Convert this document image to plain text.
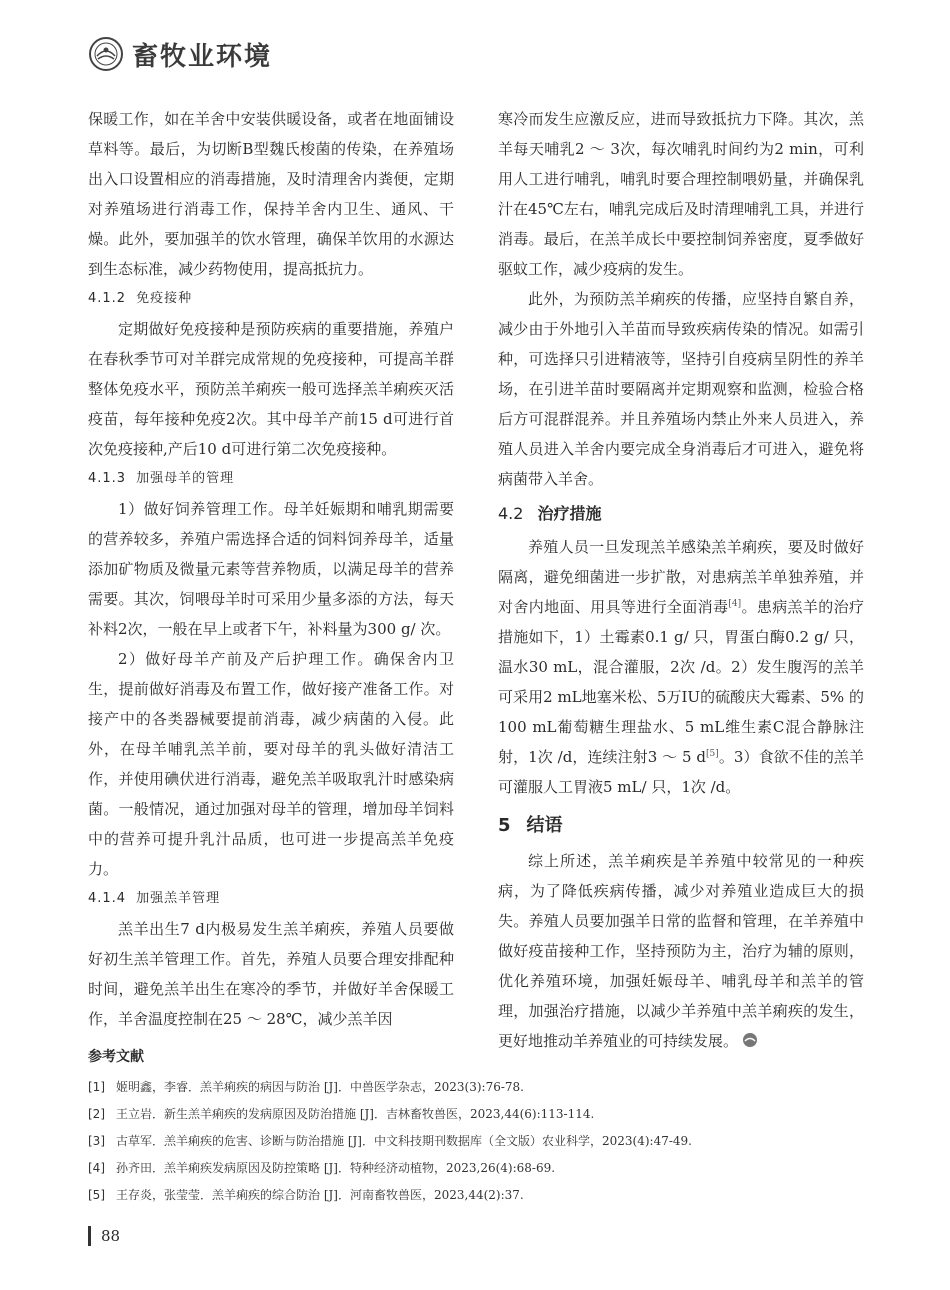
畜牧业环境

保暖工作，如在羊舍中安装供暖设备，或者在地面铺设草料等。最后，为切断B型魏氏梭菌的传染，在养殖场出入口设置相应的消毒措施，及时清理舍内粪便，定期对养殖场进行消毒工作，保持羊舍内卫生、通风、干燥。此外，要加强羊的饮水管理，确保羊饮用的水源达到生态标准，减少药物使用，提高抵抗力。

4.1.2 免疫接种

定期做好免疫接种是预防疾病的重要措施，养殖户在春秋季节可对羊群完成常规的免疫接种，可提高羊群整体免疫水平，预防羔羊痢疾一般可选择羔羊痢疾灭活疫苗，每年接种免疫2次。其中母羊产前15 d可进行首次免疫接种,产后10 d可进行第二次免疫接种。

4.1.3 加强母羊的管理

1）做好饲养管理工作。母羊妊娠期和哺乳期需要的营养较多，养殖户需选择合适的饲料饲养母羊，适量添加矿物质及微量元素等营养物质，以满足母羊的营养需要。其次，饲喂母羊时可采用少量多添的方法，每天补料2次，一般在早上或者下午，补料量为300 g/ 次。

2）做好母羊产前及产后护理工作。确保舍内卫生，提前做好消毒及布置工作，做好接产准备工作。对接产中的各类器械要提前消毒，减少病菌的入侵。此外，在母羊哺乳羔羊前，要对母羊的乳头做好清洁工作，并使用碘伏进行消毒，避免羔羊吸取乳汁时感染病菌。一般情况，通过加强对母羊的管理，增加母羊饲料中的营养可提升乳汁品质，也可进一步提高羔羊免疫力。

4.1.4 加强羔羊管理

羔羊出生7 d内极易发生羔羊痢疾，养殖人员要做好初生羔羊管理工作。首先，养殖人员要合理安排配种时间，避免羔羊出生在寒冷的季节，并做好羊舍保暖工作，羊舍温度控制在25 ～ 28℃，减少羔羊因

寒冷而发生应激反应，进而导致抵抗力下降。其次，羔羊每天哺乳2 ～ 3次，每次哺乳时间约为2 min，可利用人工进行哺乳，哺乳时要合理控制喂奶量，并确保乳汁在45℃左右，哺乳完成后及时清理哺乳工具，并进行消毒。最后，在羔羊成长中要控制饲养密度，夏季做好驱蚊工作，减少疫病的发生。

此外，为预防羔羊痢疾的传播，应坚持自繁自养，减少由于外地引入羊苗而导致疾病传染的情况。如需引种，可选择只引进精液等，坚持引自疫病呈阴性的养羊场，在引进羊苗时要隔离并定期观察和监测，检验合格后方可混群混养。并且养殖场内禁止外来人员进入，养殖人员进入羊舍内要完成全身消毒后才可进入，避免将病菌带入羊舍。

4.2 治疗措施

养殖人员一旦发现羔羊感染羔羊痢疾，要及时做好隔离，避免细菌进一步扩散，对患病羔羊单独养殖，并对舍内地面、用具等进行全面消毒[4]。患病羔羊的治疗措施如下，1）土霉素0.1 g/ 只，胃蛋白酶0.2 g/ 只，温水30 mL，混合灌服，2次 /d。2）发生腹泻的羔羊可采用2 mL地塞米松、5万IU的硫酸庆大霉素、5% 的100 mL葡萄糖生理盐水、5 mL维生素C混合静脉注射，1次 /d，连续注射3 ～ 5 d[5]。3）食欲不佳的羔羊可灌服人工胃液5 mL/ 只，1次 /d。

5 结语

综上所述，羔羊痢疾是羊养殖中较常见的一种疾病，为了降低疾病传播，减少对养殖业造成巨大的损失。养殖人员要加强羊日常的监督和管理，在羊养殖中做好疫苗接种工作，坚持预防为主，治疗为辅的原则，优化养殖环境，加强妊娠母羊、哺乳母羊和羔羊的管理，加强治疗措施，以减少羊养殖中羔羊痢疾的发生，更好地推动羊养殖业的可持续发展。

参考文献
[1] 姬明鑫，李睿．羔羊痢疾的病因与防治 [J]．中兽医学杂志，2023(3):76-78.
[2] 王立岩．新生羔羊痢疾的发病原因及防治措施 [J]．吉林畜牧兽医，2023,44(6):113-114.
[3] 古草军．羔羊痢疾的危害、诊断与防治措施 [J]．中文科技期刊数据库（全文版）农业科学，2023(4):47-49.
[4] 孙齐田．羔羊痢疾发病原因及防控策略 [J]．特种经济动植物，2023,26(4):68-69.
[5] 王存炎，张莹莹．羔羊痢疾的综合防治 [J]．河南畜牧兽医，2023,44(2):37.
88
